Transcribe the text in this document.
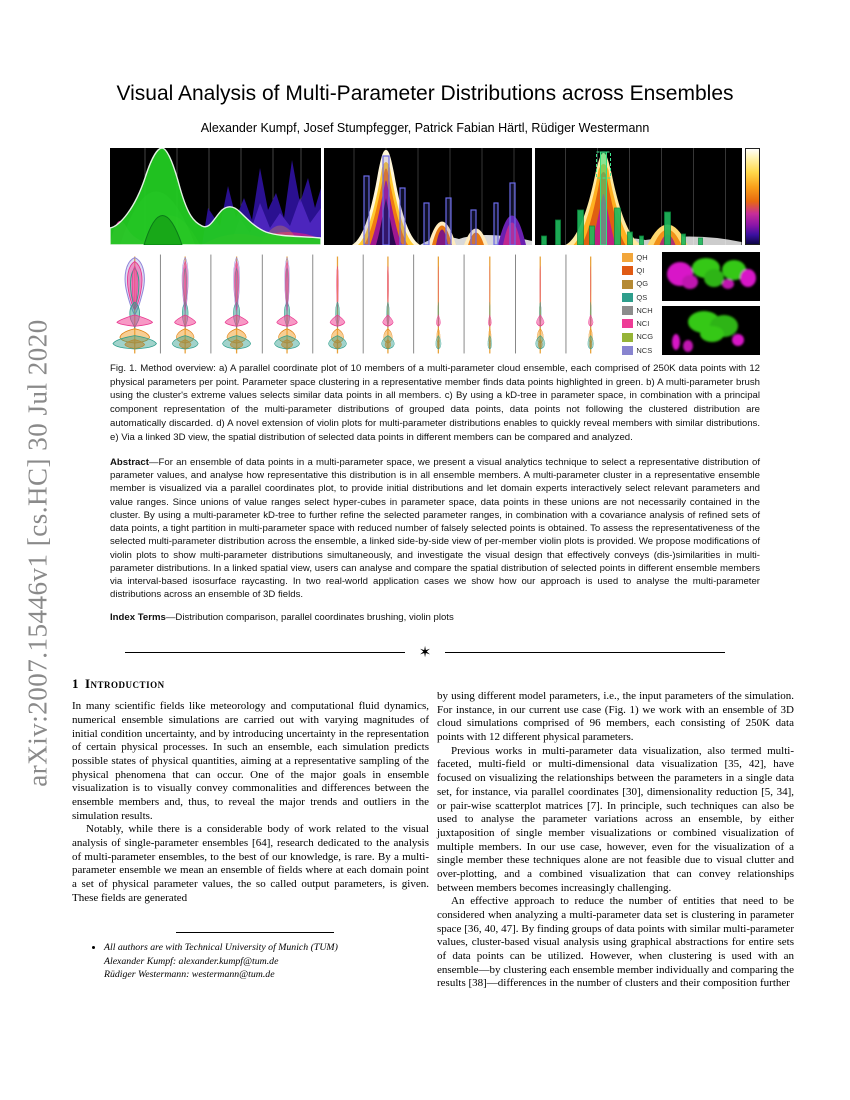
arXiv:2007.15446v1 [cs.HC] 30 Jul 2020
Visual Analysis of Multi-Parameter Distributions across Ensembles
Alexander Kumpf, Josef Stumpfegger, Patrick Fabian Härtl, Rüdiger Westermann
QH
QI
QG
QS
NCH
NCI
NCG
NCS
Fig. 1. Method overview: a) A parallel coordinate plot of 10 members of a multi-parameter cloud ensemble, each comprised of 250K data points with 12 physical parameters per point. Parameter space clustering in a representative member finds data points highlighted in green. b) A multi-parameter brush using the cluster's extreme values selects similar data points in all members. c) By using a kD-tree in parameter space, in combination with a principal component representation of the multi-parameter distributions of grouped data points, data points not following the clustered distribution are automatically discarded. d) A novel extension of violin plots for multi-parameter distributions enables to quickly reveal members with similar distributions. e) Via a linked 3D view, the spatial distribution of selected data points in different members can be compared and analyzed.
Abstract—For an ensemble of data points in a multi-parameter space, we present a visual analytics technique to select a representative distribution of parameter values, and analyse how representative this distribution is in all ensemble members. A multi-parameter cluster in a representative ensemble member is visualized via a parallel coordinates plot, to provide initial distributions and let domain experts interactively select relevant parameters and value ranges. Since unions of value ranges select hyper-cubes in parameter space, data points in these unions are not necessarily contained in the cluster. By using a multi-parameter kD-tree to further refine the selected parameter ranges, in combination with a covariance analysis of refined sets of data points, a tight partition in multi-parameter space with reduced number of falsely selected points is obtained. To assess the representativeness of the selected multi-parameter distribution across the ensemble, a linked side-by-side view of per-member violin plots is provided. We propose modifications of violin plots to show multi-parameter distributions simultaneously, and investigate the visual design that effectively conveys (dis-)similarities in multi-parameter distributions. In a linked spatial view, users can analyse and compare the spatial distribution of selected points in different ensemble members via interval-based isosurface raycasting. In two real-world application cases we show how our approach is used to analyse the multi-parameter distributions across an ensemble of 3D fields.
Index Terms—Distribution comparison, parallel coordinates brushing, violin plots
✶
1 Introduction

In many scientific fields like meteorology and computational fluid dynamics, numerical ensemble simulations are carried out with varying magnitudes of initial condition uncertainty, and by introducing uncertainty in the representation of certain physical processes. In such an ensemble, each simulation predicts possible states of physical quantities, aiming at a representative sampling of the physical phenomena that can occur. One of the major goals in ensemble visualization is to visually convey commonalities and differences between the ensemble members and, thus, to reveal the major trends and outliers in the simulation results.

Notably, while there is a considerable body of work related to the visual analysis of single-parameter ensembles [64], research dedicated to the analysis of multi-parameter ensembles, to the best of our knowledge, is rare. By a multi-parameter ensemble we mean an ensemble of fields where at each domain point a set of physical parameter values, the so called output parameters, is given. These fields are generated

by using different model parameters, i.e., the input parameters of the simulation. For instance, in our current use case (Fig. 1) we work with an ensemble of 3D cloud simulations comprised of 96 members, each consisting of 250K data points with 12 different physical parameters.

Previous works in multi-parameter data visualization, also termed multi-faceted, multi-field or multi-dimensional data visualization [35, 42], have focused on visualizing the relationships between the parameters in a single data set, for instance, via parallel coordinates [30], dimensionality reduction [5, 34], or pair-wise scatterplot matrices [7]. In principle, such techniques can also be used to analyse the parameter variations across an ensemble, by either juxtaposition of single member visualizations or combined visualization of multiple members. In our use case, however, even for the visualization of a single member these techniques alone are not feasible due to visual clutter and over-plotting, and a combined visualization that can convey relationships between members becomes increasingly challenging.

An effective approach to reduce the number of entities that need to be considered when analyzing a multi-parameter data set is clustering in parameter space [36, 40, 47]. By finding groups of data points with similar multi-parameter values, cluster-based visual analysis using graphical abstractions for entire sets of data points can be utilized. However, when clustering is used with an ensemble—by clustering each ensemble member individually and comparing the results [38]—differences in the number of clusters and their composition further

• All authors are with Technical University of Munich (TUM)
Alexander Kumpf: alexander.kumpf@tum.de
Rüdiger Westermann: westermann@tum.de
